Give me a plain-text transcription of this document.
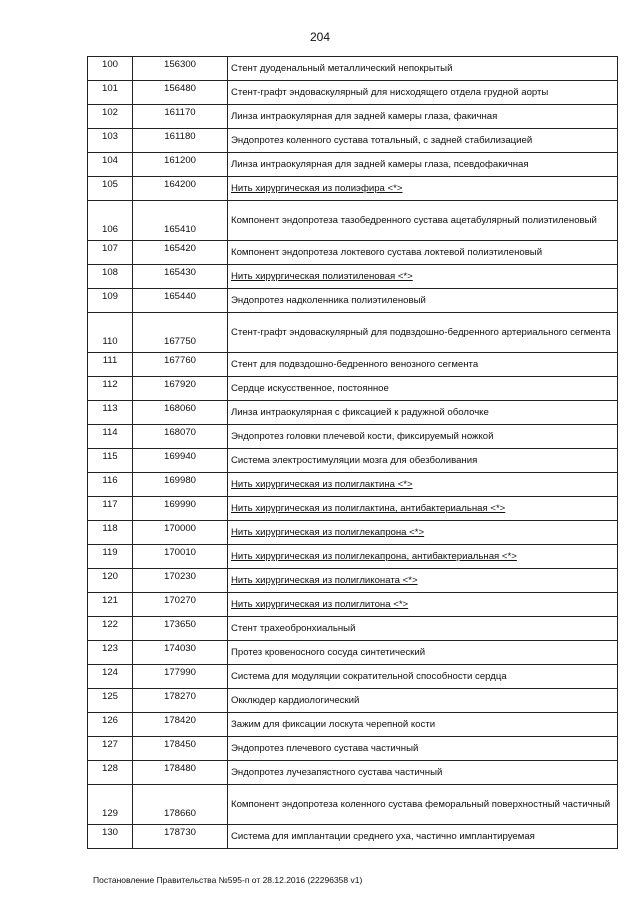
204
100	156300	Стент дуоденальный металлический непокрытый
101	156480	Стент-графт эндоваскулярный для нисходящего отдела грудной аорты
102	161170	Линза интраокулярная для задней камеры глаза, факичная
103	161180	Эндопротез коленного сустава тотальный, с задней стабилизацией
104	161200	Линза интраокулярная для задней камеры глаза, псевдофакичная
105	164200	Нить хирургическая из полиэфира <*>
106	165410	Компонент эндопротеза тазобедренного сустава ацетабулярный полиэтиленовый
107	165420	Компонент эндопротеза локтевого сустава локтевой полиэтиленовый
108	165430	Нить хирургическая полиэтиленовая <*>
109	165440	Эндопротез надколенника полиэтиленовый
110	167750	Стент-графт эндоваскулярный для подвздошно-бедренного артериального сегмента
111	167760	Стент для подвздошно-бедренного венозного сегмента
112	167920	Сердце искусственное, постоянное
113	168060	Линза интраокулярная с фиксацией к радужной оболочке
114	168070	Эндопротез головки плечевой кости, фиксируемый ножкой
115	169940	Система электростимуляции мозга для обезболивания
116	169980	Нить хирургическая из полиглактина <*>
117	169990	Нить хирургическая из полиглактина, антибактериальная <*>
118	170000	Нить хирургическая из полиглекапрона <*>
119	170010	Нить хирургическая из полиглекапрона, антибактериальная <*>
120	170230	Нить хирургическая из полигликоната <*>
121	170270	Нить хирургическая из полиглитона <*>
122	173650	Стент трахеобронхиальный
123	174030	Протез кровеносного сосуда синтетический
124	177990	Система для модуляции сократительной способности сердца
125	178270	Окклюдер кардиологический
126	178420	Зажим для фиксации лоскута черепной кости
127	178450	Эндопротез плечевого сустава частичный
128	178480	Эндопротез лучезапястного сустава частичный
129	178660	Компонент эндопротеза коленного сустава феморальный поверхностный частичный
130	178730	Система для имплантации среднего уха, частично имплантируемая
Постановление Правительства №595-п от 28.12.2016 (22296358 v1)
